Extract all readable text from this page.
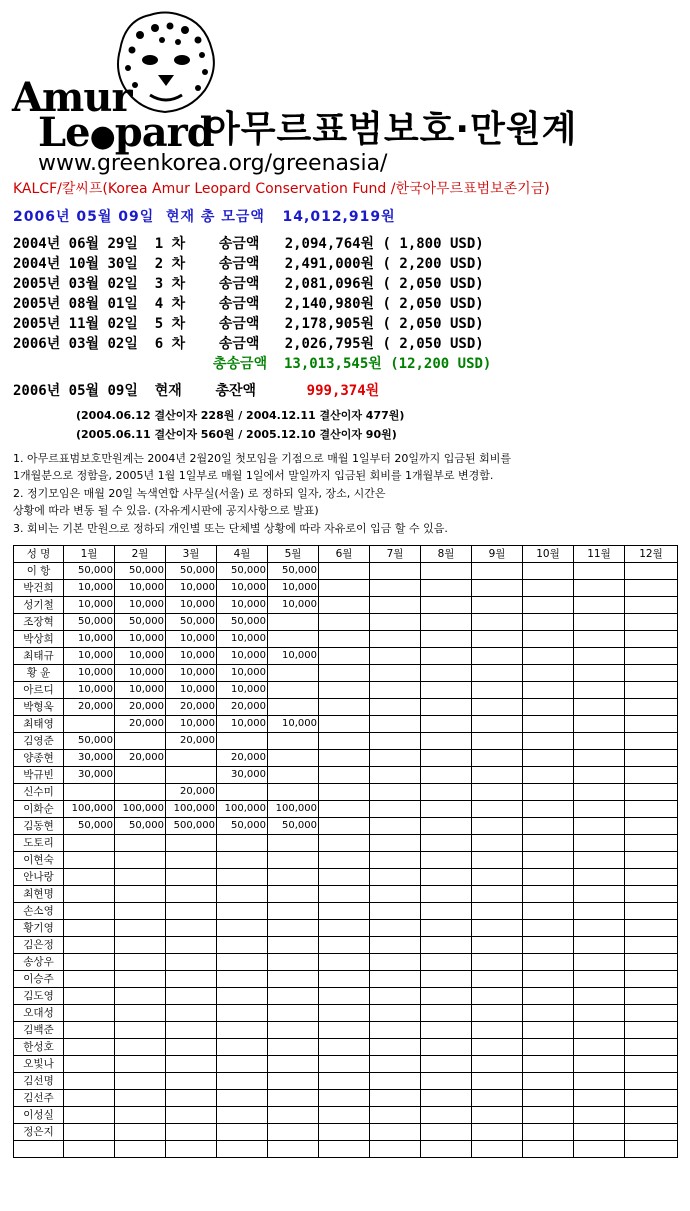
Amur
Le●pard
아무르표범보호·만원계
www.greenkorea.org/greenasia/
KALCF/칼씨프(Korea Amur Leopard Conservation Fund /한국아무르표범보존기금)
2006년 05월 09일 현재 총 모금액 14,012,919원
2004년 06월 29일 1 차 송금액 2,094,764원 ( 1,800 USD)
2004년 10월 30일 2 차 송금액 2,491,000원 ( 2,200 USD)
2005년 03월 02일 3 차 송금액 2,081,096원 ( 2,050 USD)
2005년 08월 01일 4 차 송금액 2,140,980원 ( 2,050 USD)
2005년 11월 02일 5 차 송금액 2,178,905원 ( 2,050 USD)
2006년 03월 02일 6 차 송금액 2,026,795원 ( 2,050 USD)
총송금액 13,013,545원 (12,200 USD)
2006년 05월 09일 현재 총잔액	999,374원
(2004.06.12 결산이자 228원 / 2004.12.11 결산이자 477원)
(2005.06.11 결산이자 560원 / 2005.12.10 결산이자 90원)
1. 아무르표범보호만원계는 2004년 2월20일 첫모임을 기점으로 매월 1일부터 20일까지 입금된 회비를
1개월분으로 정함을, 2005년 1월 1일부로 매월 1일에서 말일까지 입금된 회비를 1개월부로 변경함.
2. 정기모임은 매월 20일 녹색연합 사무실(서울) 로 정하되 일자, 장소, 시간은
상황에 따라 변동 될 수 있음. (자유게시판에 공지사항으로 발표)
3. 회비는 기본 만원으로 정하되 개인별 또는 단체별 상황에 따라 자유로이 입금 할 수 있음.
성 명	1월	2월	3월	4월	5월	6월	7월	8월	9월	10월	11월	12월
이 항	50,000	50,000	50,000	50,000	50,000							
박건희	10,000	10,000	10,000	10,000	10,000							
성기철	10,000	10,000	10,000	10,000	10,000							
조장혁	50,000	50,000	50,000	50,000								
박상희	10,000	10,000	10,000	10,000								
최태규	10,000	10,000	10,000	10,000	10,000							
황 윤	10,000	10,000	10,000	10,000								
아르디	10,000	10,000	10,000	10,000								
박형욱	20,000	20,000	20,000	20,000								
최태영		20,000	10,000	10,000	10,000							
김영준	50,000		20,000									
양종현	30,000	20,000		20,000								
박규빈	30,000			30,000								
신수미			20,000									
이화순	100,000	100,000	100,000	100,000	100,000							
김동현	50,000	50,000	500,000	50,000	50,000							
도토리												
이현숙												
안나랑												
최현명												
손소영												
황기영												
김은정												
송상우												
이승주												
김도영												
오대성												
김백준												
한성호												
오빛나												
김선명												
김선주												
이성실												
정은지												
